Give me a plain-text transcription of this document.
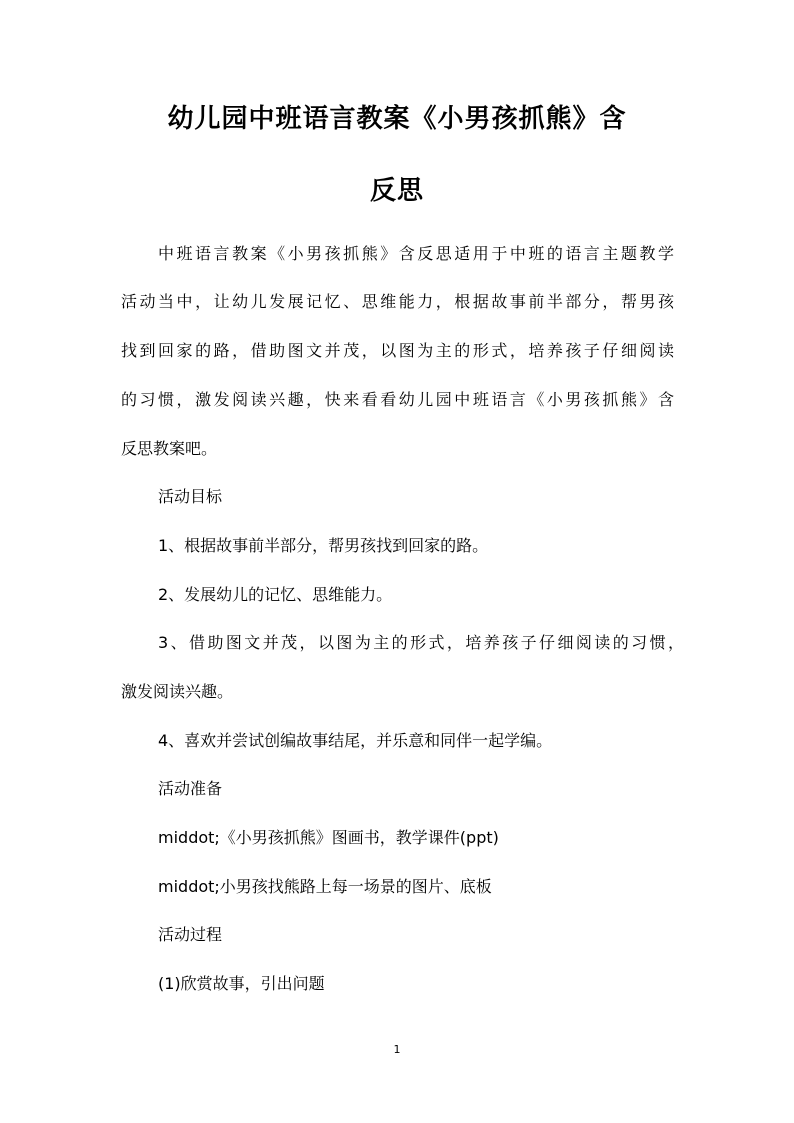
幼儿园中班语言教案《小男孩抓熊》含
反思
中班语言教案《小男孩抓熊》含反思适用于中班的语言主题教学
活动当中，让幼儿发展记忆、思维能力，根据故事前半部分，帮男孩
找到回家的路，借助图文并茂，以图为主的形式，培养孩子仔细阅读
的习惯，激发阅读兴趣，快来看看幼儿园中班语言《小男孩抓熊》含
反思教案吧。
活动目标
1、根据故事前半部分，帮男孩找到回家的路。
2、发展幼儿的记忆、思维能力。
3、借助图文并茂，以图为主的形式，培养孩子仔细阅读的习惯，
激发阅读兴趣。
4、喜欢并尝试创编故事结尾，并乐意和同伴一起学编。
活动准备
middot;《小男孩抓熊》图画书，教学课件(ppt)
middot;小男孩找熊路上每一场景的图片、底板
活动过程
(1)欣赏故事，引出问题
1
